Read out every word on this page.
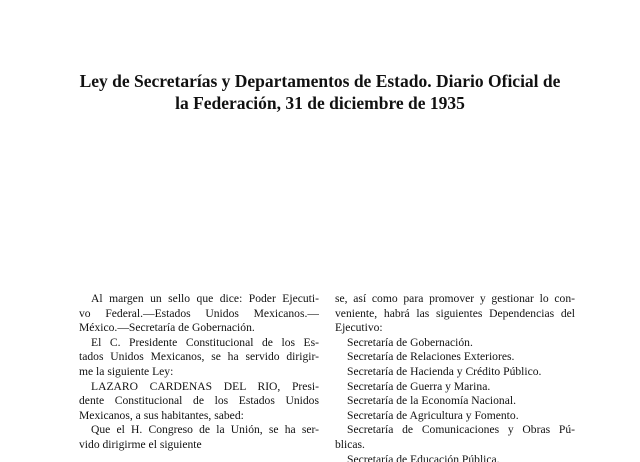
Ley de Secretarías y Departamentos de Estado. Diario Oficial de
la Federación, 31 de diciembre de 1935
Al margen un sello que dice: Poder Ejecuti-
vo Federal.—Estados Unidos Mexicanos.—
México.—Secretaría de Gobernación.
El C. Presidente Constitucional de los Es-
tados Unidos Mexicanos, se ha servido dirigir-
me la siguiente Ley:
LAZARO CARDENAS DEL RIO, Presi-
dente Constitucional de los Estados Unidos
Mexicanos, a sus habitantes, sabed:
Que el H. Congreso de la Unión, se ha ser-
vido dirigirme el siguiente
se, así como para promover y gestionar lo con-
veniente, habrá las siguientes Dependencias del
Ejecutivo:
Secretaría de Gobernación.
Secretaría de Relaciones Exteriores.
Secretaría de Hacienda y Crédito Público.
Secretaría de Guerra y Marina.
Secretaría de la Economía Nacional.
Secretaría de Agricultura y Fomento.
Secretaría de Comunicaciones y Obras Pú-
blicas.
Secretaría de Educación Pública.
